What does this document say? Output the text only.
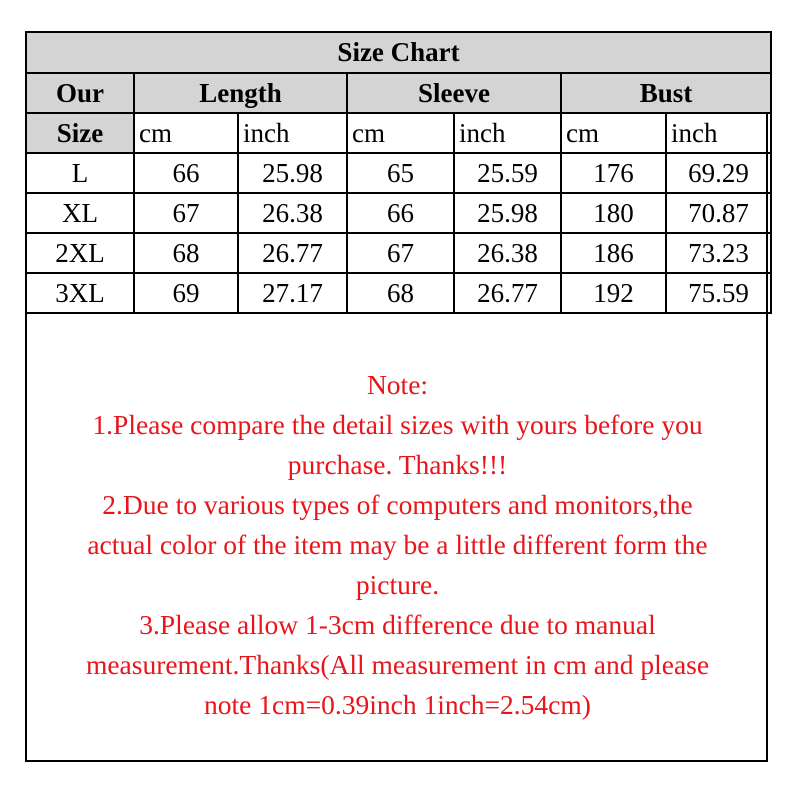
Size Chart						
Our	Length		Sleeve		Bust	
Size	cm	inch	cm	inch	cm	inch
L	66	25.98	65	25.59	176	69.29
XL	67	26.38	66	25.98	180	70.87
2XL	68	26.77	67	26.38	186	73.23
3XL	69	27.17	68	26.77	192	75.59

Note:

1.Please compare the detail sizes with yours before you

purchase. Thanks!!!

2.Due to various types of computers and monitors,the

actual color of the item may be a little different form the

picture.

3.Please allow 1-3cm difference due to manual

measurement.Thanks(All measurement in cm and please

note 1cm=0.39inch 1inch=2.54cm)
